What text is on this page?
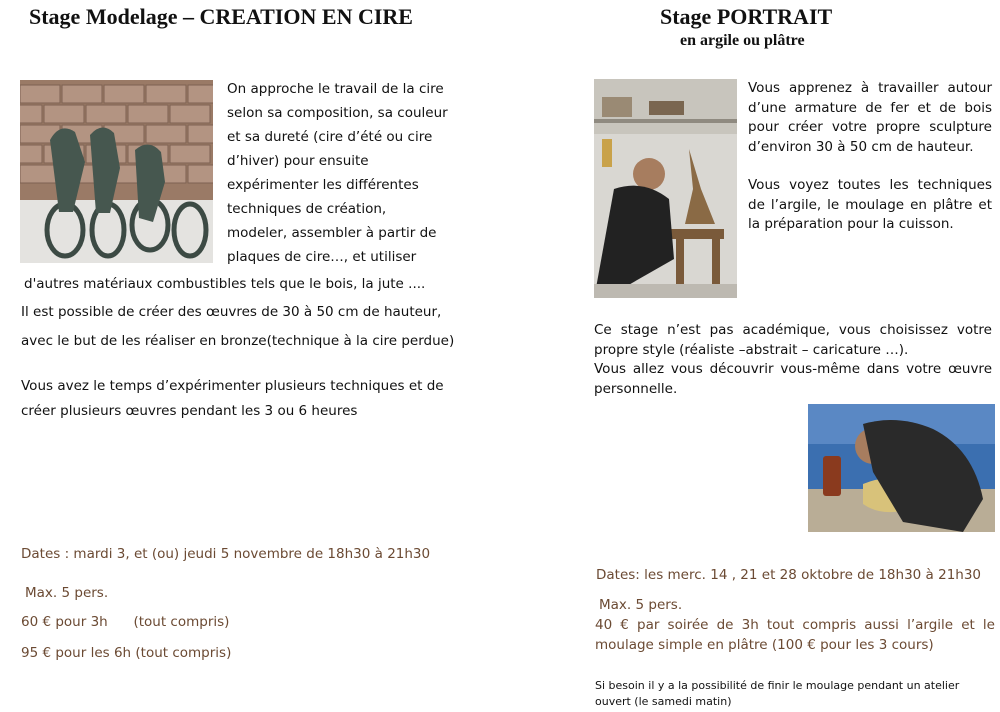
Stage Modelage – CREATION EN CIRE
On approche le travail de la cire
selon sa composition, sa couleur
et sa dureté (cire d’été ou cire
d’hiver) pour ensuite
expérimenter les différentes
techniques de création,
modeler, assembler à partir de
plaques de cire…, et utiliser
d'autres matériaux combustibles tels que le bois, la jute ....
Il est possible de créer des œuvres de 30 à 50 cm de hauteur,
avec le but de les réaliser en bronze(technique à la cire perdue)
Vous avez le temps d’expérimenter plusieurs techniques et de
créer plusieurs œuvres pendant les 3 ou 6 heures
Dates : mardi 3, et (ou) jeudi 5 novembre de 18h30 à 21h30
Max. 5 pers.
60 € pour 3h      (tout compris)
95 € pour les 6h (tout compris)
Stage PORTRAIT
en argile ou plâtre
Vous apprenez à travailler autour d’une armature de fer et de bois pour créer votre propre sculpture d’environ 30 à 50 cm de hauteur.
Vous voyez toutes les techniques de l’argile, le moulage en plâtre et la préparation pour la cuisson.
Ce stage n’est pas académique, vous choisissez votre propre style (réaliste –abstrait – caricature …).
Vous allez vous découvrir vous-même dans votre œuvre personnelle.
Dates: les merc. 14 , 21 et 28 oktobre de 18h30 à 21h30
Max. 5 pers.
40 € par soirée de 3h tout compris aussi l’argile et le moulage simple en plâtre (100 € pour les 3 cours)
Si besoin il y a la possibilité de finir le moulage pendant un atelier ouvert (le samedi matin)
